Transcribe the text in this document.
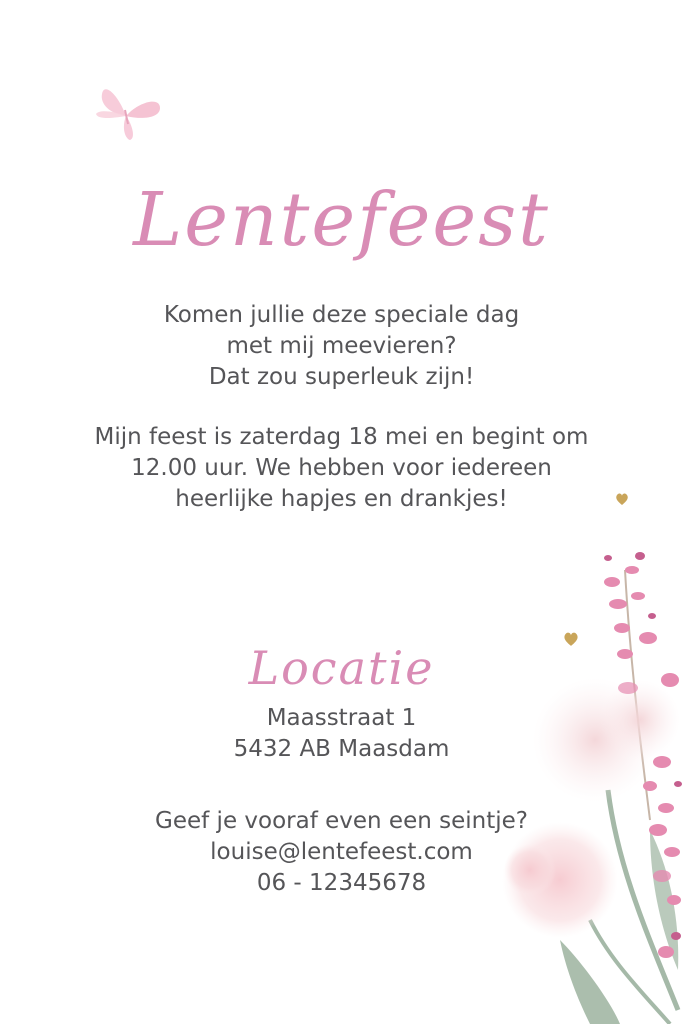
Lentefeest
Komen jullie deze speciale dag
met mij meevieren?
Dat zou superleuk zijn!
Mijn feest is zaterdag 18 mei en begint om
12.00 uur. We hebben voor iedereen
heerlijke hapjes en drankjes!
Locatie
Maasstraat 1
5432 AB Maasdam
Geef je vooraf even een seintje?
louise@lentefeest.com
06 - 12345678
